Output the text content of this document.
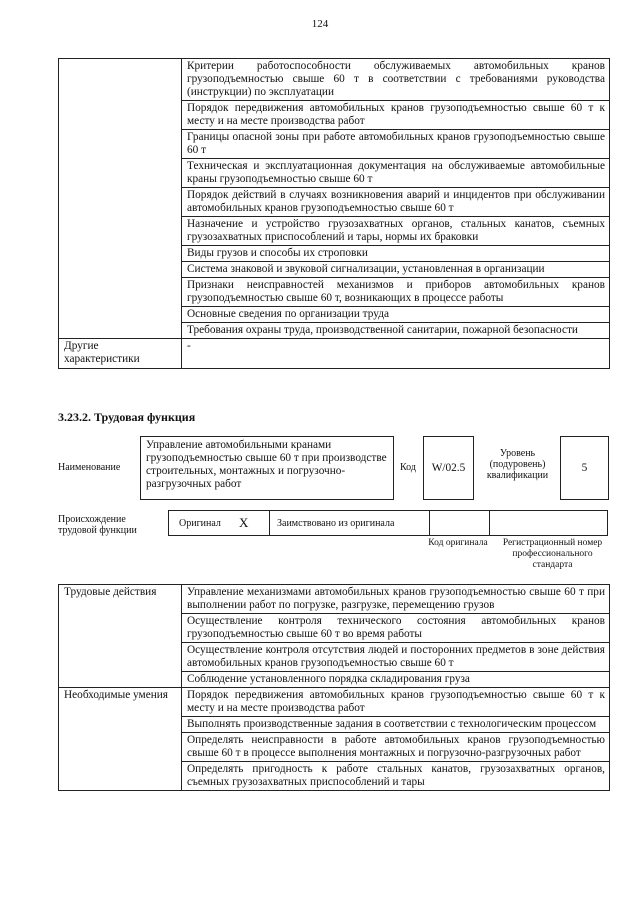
124
	Критерии работоспособности обслуживаемых автомобильных кранов грузоподъемностью свыше 60 т в соответствии с требованиями руководства (инструкции) по эксплуатации
	Порядок передвижения автомобильных кранов грузоподъемностью свыше 60 т к месту и на месте производства работ
	Границы опасной зоны при работе автомобильных кранов грузоподъемностью свыше 60 т
	Техническая и эксплуатационная документация на обслуживаемые автомобильные краны грузоподъемностью свыше 60 т
	Порядок действий в случаях возникновения аварий и инцидентов при обслуживании автомобильных кранов грузоподъемностью свыше 60 т
	Назначение и устройство грузозахватных органов, стальных канатов, съемных грузозахватных приспособлений и тары, нормы их браковки
	Виды грузов и способы их строповки
	Система знаковой и звуковой сигнализации, установленная в организации
	Признаки неисправностей механизмов и приборов автомобильных кранов грузоподъемностью свыше 60 т, возникающих в процессе работы
	Основные сведения по организации труда
	Требования охраны труда, производственной санитарии, пожарной безопасности
Другие характеристики	-
3.23.2. Трудовая функция
Наименование
Управление автомобильными кранами грузоподъемностью свыше 60 т при производстве строительных, монтажных и погрузочно-разгрузочных работ
Код	W/02.5
Уровень (подуровень) квалификации
5
Происхождение трудовой функции
Оригинал X	Заимствовано из оригинала
Код оригинала Регистрационный номер профессионального стандарта
Трудовые действия	Управление механизмами автомобильных кранов грузоподъемностью свыше 60 т при выполнении работ по погрузке, разгрузке, перемещению грузов
	Осуществление контроля технического состояния автомобильных кранов грузоподъемностью свыше 60 т во время работы
	Осуществление контроля отсутствия людей и посторонних предметов в зоне действия автомобильных кранов грузоподъемностью свыше 60 т
	Соблюдение установленного порядка складирования груза
Необходимые умения	Порядок передвижения автомобильных кранов грузоподъемностью свыше 60 т к месту и на месте производства работ
	Выполнять производственные задания в соответствии с технологическим процессом
	Определять неисправности в работе автомобильных кранов грузоподъемностью свыше 60 т в процессе выполнения монтажных и погрузочно-разгрузочных работ
	Определять пригодность к работе стальных канатов, грузозахватных органов, съемных грузозахватных приспособлений и тары
